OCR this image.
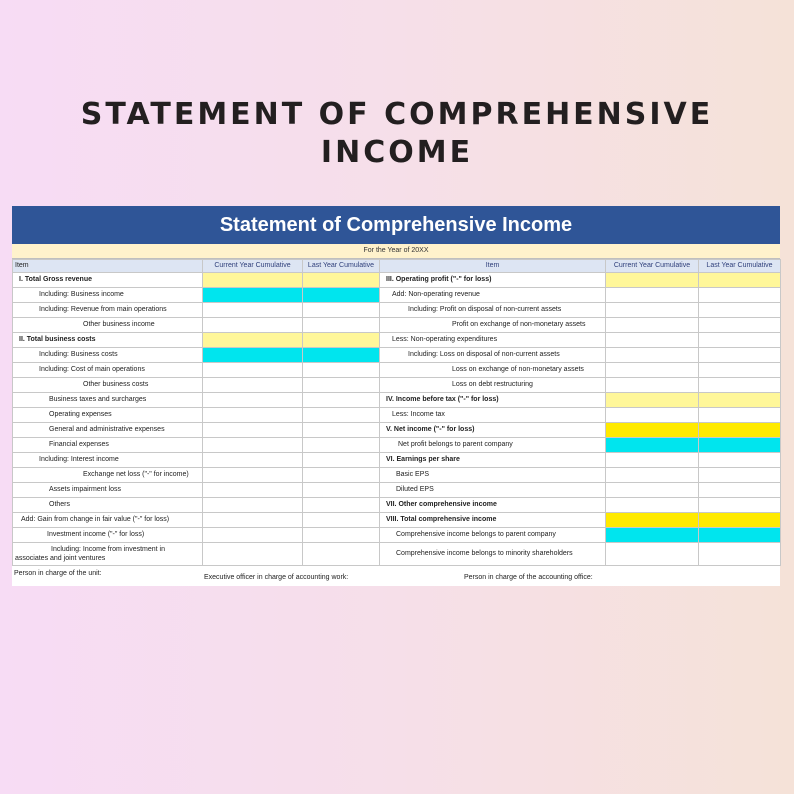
STATEMENT OF COMPREHENSIVE
INCOME
Statement of Comprehensive Income
For the Year of 20XX
Item	Current Year Cumulative	Last Year Cumulative	Item	Current Year Cumulative	Last Year Cumulative
I. Total Gross revenue			III. Operating profit ("-" for loss)		
Including: Business income			Add: Non-operating revenue		
Including: Revenue from main operations			Including: Profit on disposal of non-current assets		
Other business income			Profit on exchange of non-monetary assets		
II. Total business costs			Less: Non-operating expenditures		
Including: Business costs			Including: Loss on disposal of non-current assets		
Including: Cost of main operations			Loss on exchange of non-monetary assets		
Other business costs			Loss on debt restructuring		
Business taxes and surcharges			IV. Income before tax ("-" for loss)		
Operating expenses			Less: Income tax		
General and administrative expenses			V. Net income ("-" for loss)		
Financial expenses			Net profit belongs to parent company		
Including: Interest income			VI. Earnings per share		
Exchange net loss ("-" for income)			Basic EPS		
Assets impairment loss			Diluted EPS		
Others			VII. Other comprehensive income		
Add: Gain from change in fair value ("-" for loss)			VIII. Total comprehensive income		
Investment income ("-" for loss)			Comprehensive income belongs to parent company		

Including: Income from investment in
associates and joint ventures			Comprehensive income belongs to minority shareholders		
Person in charge of the unit:
Executive officer in charge of accounting work:	Person in charge of the accounting office:
